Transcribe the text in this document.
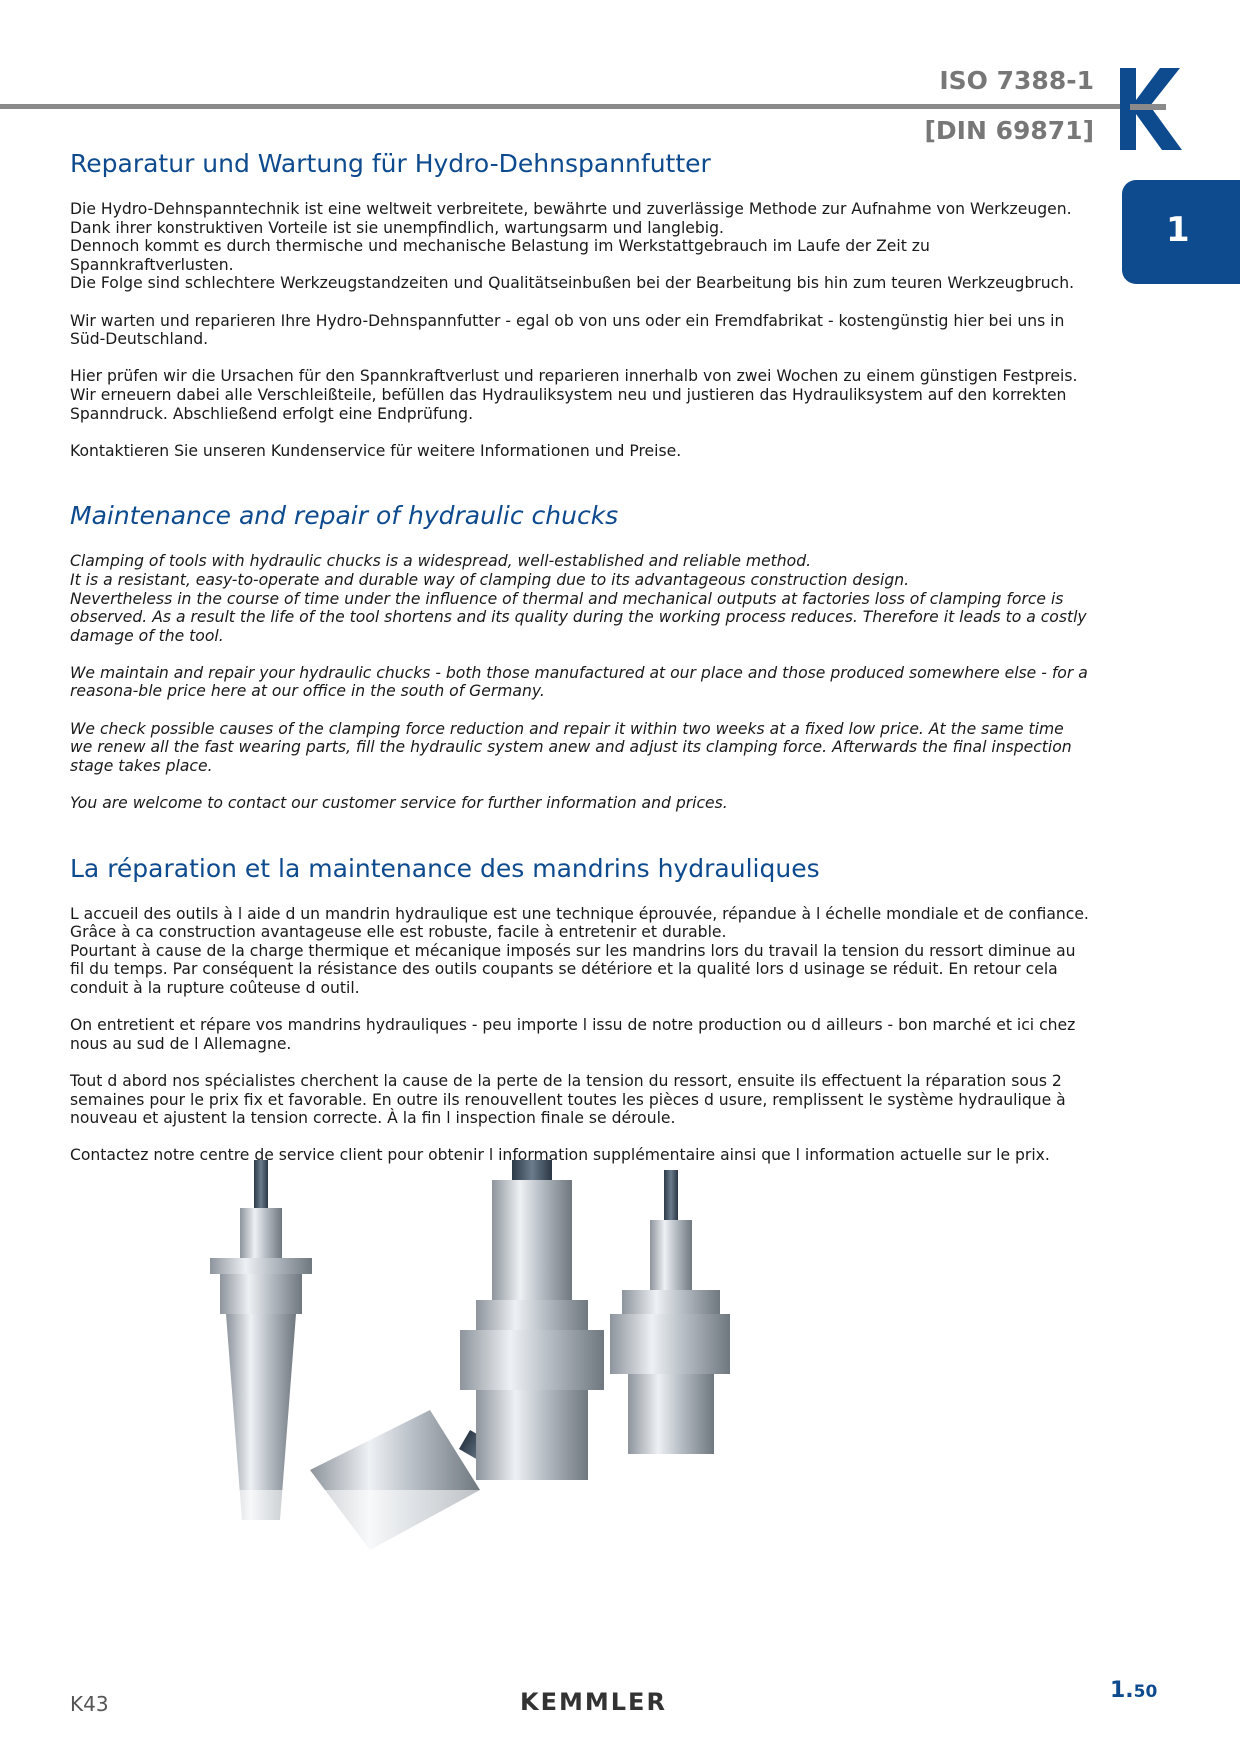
ISO 7388-1
[DIN 69871]
1
Reparatur und Wartung für Hydro-Dehnspannfutter

Die Hydro-Dehnspanntechnik ist eine weltweit verbreitete, bewährte und zuverlässige Methode zur Aufnahme von Werkzeugen.

Dank ihrer konstruktiven Vorteile ist sie unempfindlich, wartungsarm und langlebig.

Dennoch kommt es durch thermische und mechanische Belastung im Werkstattgebrauch im Laufe der Zeit zu Spannkraftverlusten.

Die Folge sind schlechtere Werkzeugstandzeiten und Qualitätseinbußen bei der Bearbeitung bis hin zum teuren Werkzeugbruch.

Wir warten und reparieren Ihre Hydro-Dehnspannfutter - egal ob von uns oder ein Fremdfabrikat - kostengünstig hier bei uns in Süd-Deutschland.

Hier prüfen wir die Ursachen für den Spannkraftverlust und reparieren innerhalb von zwei Wochen zu einem günstigen Festpreis.

Wir erneuern dabei alle Verschleißteile, befüllen das Hydrauliksystem neu und justieren das Hydrauliksystem auf den korrekten Spanndruck. Abschließend erfolgt eine Endprüfung.

Kontaktieren Sie unseren Kundenservice für weitere Informationen und Preise.

Maintenance and repair of hydraulic chucks

Clamping of tools with hydraulic chucks is a widespread, well-established and reliable method.

It is a resistant, easy-to-operate and durable way of clamping due to its advantageous construction design.

Nevertheless in the course of time under the influence of thermal and mechanical outputs at factories loss of clamping force is observed. As a result the life of the tool shortens and its quality during the working process reduces. Therefore it leads to a costly damage of the tool.

We maintain and repair your hydraulic chucks - both those manufactured at our place and those produced somewhere else - for a reasona-ble price here at our office in the south of Germany.

We check possible causes of the clamping force reduction and repair it within two weeks at a fixed low price. At the same time we renew all the fast wearing parts, fill the hydraulic system anew and adjust its clamping force. Afterwards the final inspection stage takes place.

You are welcome to contact our customer service for further information and prices.

La réparation et la maintenance des mandrins hydrauliques

L accueil des outils à l aide d un mandrin hydraulique est une technique éprouvée, répandue à l échelle mondiale et de confiance.

Grâce à ca construction avantageuse elle est robuste, facile à entretenir et durable.

Pourtant à cause de la charge thermique et mécanique imposés sur les mandrins lors du travail la tension du ressort diminue au fil du temps. Par conséquent la résistance des outils coupants se détériore et la qualité lors d usinage se réduit. En retour cela conduit à la rupture coûteuse d outil.

On entretient et répare vos mandrins hydrauliques - peu importe l issu de notre production ou d ailleurs - bon marché et ici chez nous au sud de l Allemagne.

Tout d abord nos spécialistes cherchent la cause de la perte de la tension du ressort, ensuite ils effectuent la réparation sous 2 semaines pour le prix fix et favorable. En outre ils renouvellent toutes les pièces d usure, remplissent le système hydraulique à nouveau et ajustent la tension correcte. À la fin l inspection finale se déroule.

Contactez notre centre de service client pour obtenir l information supplémentaire ainsi que l information actuelle sur le prix.

K43	KEMMLER	1.50
